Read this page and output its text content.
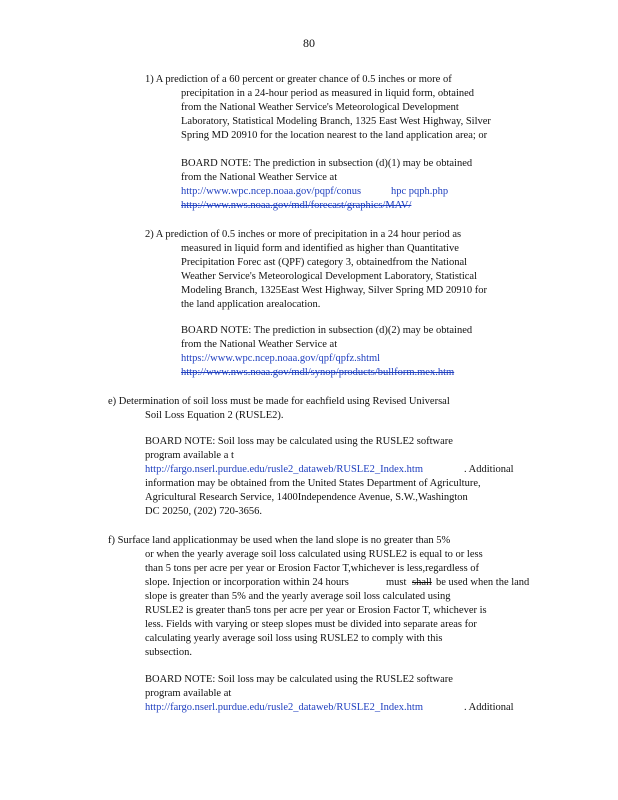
80
1) A prediction of a 60 percent or greater chance of 0.5 inches or more of
precipitation in a 24-hour period as measured in liquid form, obtained
from the National Weather Service's Meteorological Development
Laboratory, Statistical Modeling Branch, 1325 East West Highway, Silver
Spring MD 20910 for the location nearest to the land application area; or
BOARD NOTE: The prediction in subsection (d)(1) may be obtained
from the National Weather Service at
http://www.wpc.ncep.noaa.gov/pqpf/conus	hpc pqph.php
http://www.nws.noaa.gov/mdl/forecast/graphics/MAV/
2) A prediction of 0.5 inches or more of precipitation in a 24 hour period as
measured in liquid form and identified as higher than Quantitative
Precipitation Forec ast (QPF) category 3, obtainedfrom the National
Weather Service's Meteorological Development Laboratory, Statistical
Modeling Branch, 1325East West Highway, Silver Spring MD 20910 for
the land application arealocation.
BOARD NOTE: The prediction in subsection (d)(2) may be obtained
from the National Weather Service at
https://www.wpc.ncep.noaa.gov/qpf/qpfz.shtml
http://www.nws.noaa.gov/mdl/synop/products/bullform.mex.htm
e) Determination of soil loss must be made for eachfield using Revised Universal
Soil Loss Equation 2 (RUSLE2).
BOARD NOTE: Soil loss may be calculated using the RUSLE2 software
program available a t
http://fargo.nserl.purdue.edu/rusle2_dataweb/RUSLE2_Index.htm	. Additional
information may be obtained from the United States Department of Agriculture,
Agricultural Research Service, 1400Independence Avenue, S.W.,Washington
DC 20250, (202) 720-3656.
f) Surface land applicationmay be used when the land slope is no greater than 5%
or when the yearly average soil loss calculated using RUSLE2 is equal to or less
than 5 tons per acre per year or Erosion Factor T,whichever is less,regardless of
slope. Injection or incorporation within 24 hours	must shall be used when the land
slope is greater than 5% and the yearly average soil loss calculated using
RUSLE2 is greater than5 tons per acre per year or Erosion Factor T, whichever is
less. Fields with varying or steep slopes must be divided into separate areas for
calculating yearly average soil loss using RUSLE2 to comply with this
subsection.
BOARD NOTE: Soil loss may be calculated using the RUSLE2 software
program available at
http://fargo.nserl.purdue.edu/rusle2_dataweb/RUSLE2_Index.htm	. Additional
